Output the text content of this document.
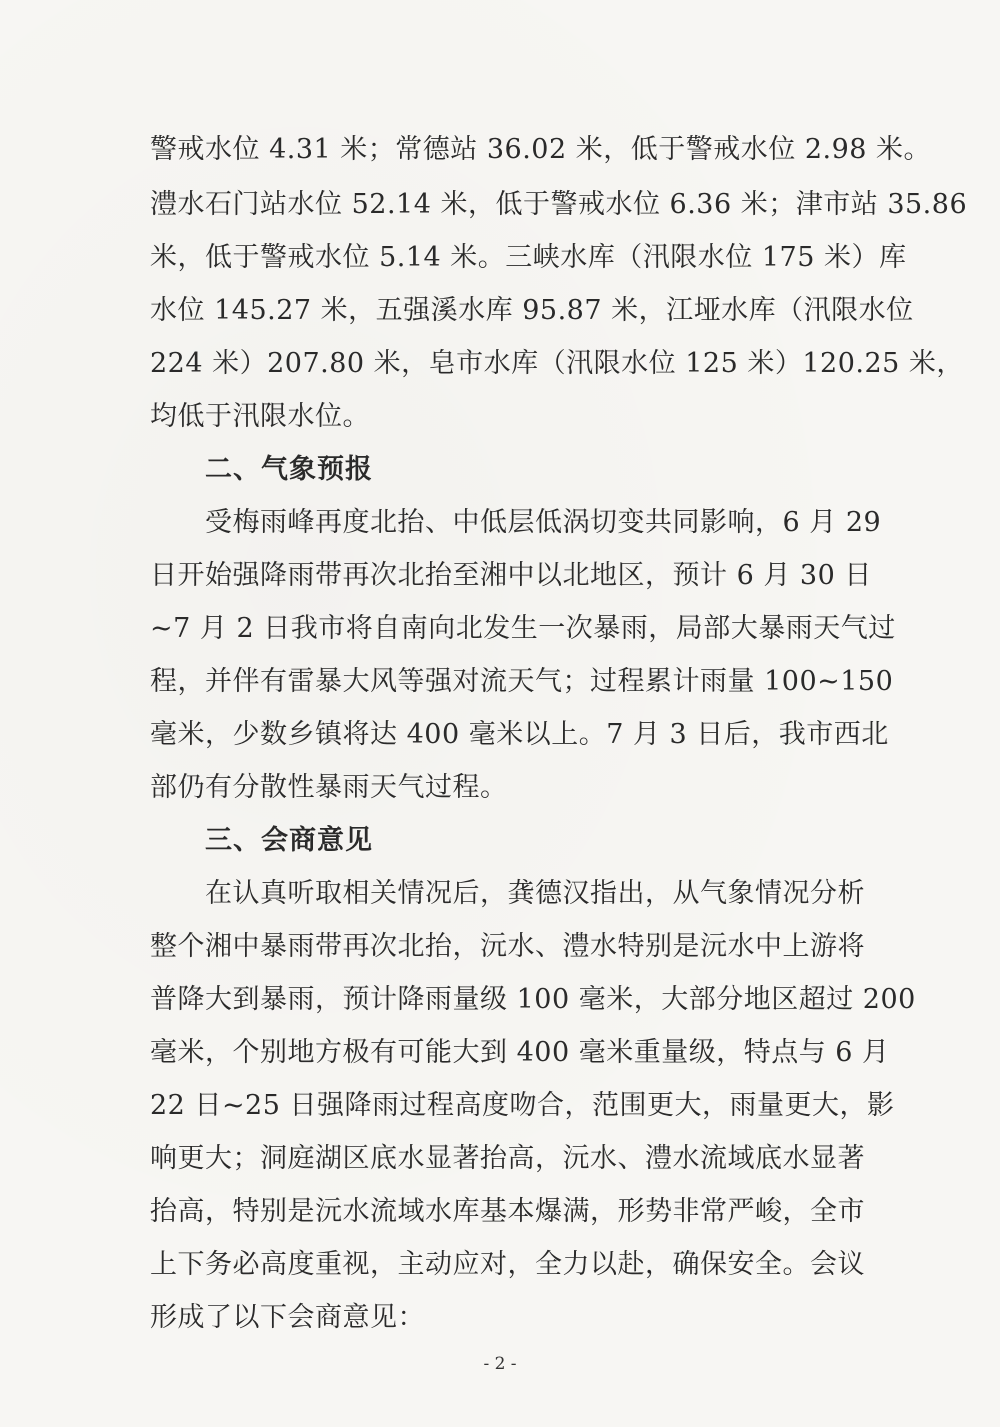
警戒水位 4.31 米；常德站 36.02 米，低于警戒水位 2.98 米。
澧水石门站水位 52.14 米，低于警戒水位 6.36 米；津市站 35.86
米，低于警戒水位 5.14 米。三峡水库（汛限水位 175 米）库
水位 145.27 米，五强溪水库 95.87 米，江垭水库（汛限水位
224 米）207.80 米，皂市水库（汛限水位 125 米）120.25 米，
均低于汛限水位。
二、气象预报
受梅雨峰再度北抬、中低层低涡切变共同影响，6 月 29
日开始强降雨带再次北抬至湘中以北地区，预计 6 月 30 日
~7 月 2 日我市将自南向北发生一次暴雨，局部大暴雨天气过
程，并伴有雷暴大风等强对流天气；过程累计雨量 100~150
毫米，少数乡镇将达 400 毫米以上。7 月 3 日后，我市西北
部仍有分散性暴雨天气过程。
三、会商意见
在认真听取相关情况后，龚德汉指出，从气象情况分析
整个湘中暴雨带再次北抬，沅水、澧水特别是沅水中上游将
普降大到暴雨，预计降雨量级 100 毫米，大部分地区超过 200
毫米，个别地方极有可能大到 400 毫米重量级，特点与 6 月
22 日~25 日强降雨过程高度吻合，范围更大，雨量更大，影
响更大；洞庭湖区底水显著抬高，沅水、澧水流域底水显著
抬高，特别是沅水流域水库基本爆满，形势非常严峻，全市
上下务必高度重视，主动应对，全力以赴，确保安全。会议
形成了以下会商意见：
- 2 -
